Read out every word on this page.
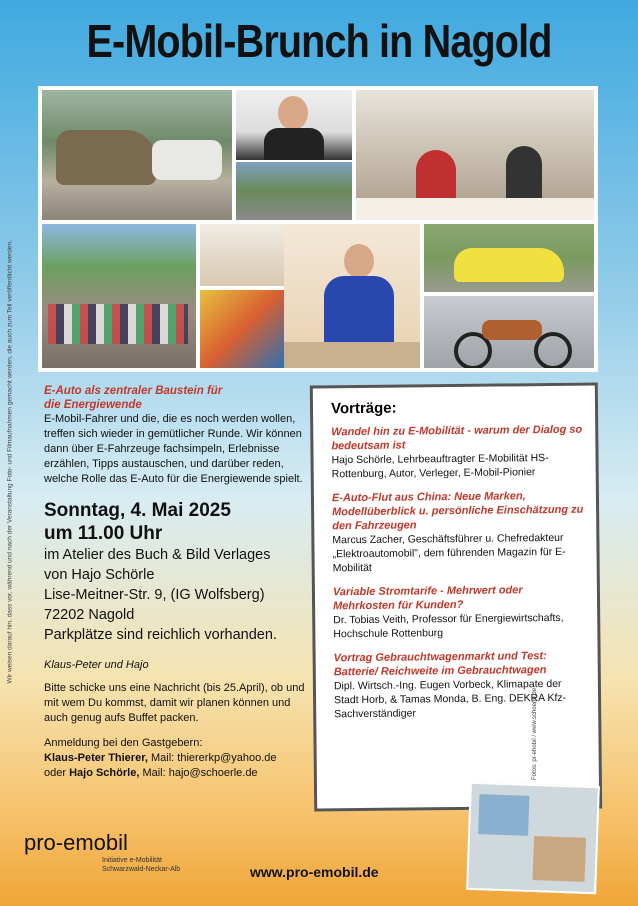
E-Mobil-Brunch in Nagold
Wir weisen darauf hin, dass vor, während und nach der Veranstaltung Foto- und Filmaufnahmen gemacht werden, die auch zum Teil veröffentlicht werden.	E-Auto als zentraler Baustein für die Energiewende
E-Mobil-Fahrer und die, die es noch werden wollen, treffen sich wieder in gemütlicher Runde. Wir können dann über E-Fahrzeuge fachsimpeln, Erlebnisse erzählen, Tipps austauschen, und darüber reden, welche Rolle das E-Auto für die Energiewende spielt.
Sonntag, 4. Mai 2025
um 11.00 Uhr
im Atelier des Buch & Bild Verlages
von Hajo Schörle
Lise-Meitner-Str. 9, (IG Wolfsberg)
72202 Nagold
Parkplätze sind reichlich vorhanden.
Klaus-Peter und Hajo
Bitte schicke uns eine Nachricht (bis 25.April), ob und mit wem Du kommst, damit wir planen können und auch genug aufs Buffet packen.
Anmeldung bei den Gastgebern:
Klaus-Peter Thierer, Mail: thiererkp@yahoo.de
oder Hajo Schörle, Mail: hajo@schoerle.de
Vorträge:
Wandel hin zu E-Mobilität - warum der Dialog so bedeutsam ist
Hajo Schörle, Lehrbeauftragter E-Mobilität HS-Rottenburg, Autor, Verleger, E-Mobil-Pionier
E-Auto-Flut aus China: Neue Marken, Modellüberblick u. persönliche Einschätzung zu den Fahrzeugen
Marcus Zacher, Geschäftsführer u. Chefredakteur „Elektroautomobil", dem führenden Magazin für E-Mobilität
Variable Stromtarife - Mehrwert oder Mehrkosten für Kunden?
Dr. Tobias Veith, Professor für Energiewirtschafts, Hochschule Rottenburg
Vortrag Gebrauchtwagenmarkt und Test: Batterie/ Reichweite im Gebrauchtwagen
Dipl. Wirtsch.-Ing. Eugen Vorbeck, Klimapate der Stadt Horb, & Tamas Monda, B. Eng. DEKRA Kfz-Sachverständiger	Fotos: pr-ehobil / www.schoerle.de
pro-emobil
Initiative e-Mobilität
Schwarzwald-Neckar-Alb	www.pro-emobil.de
